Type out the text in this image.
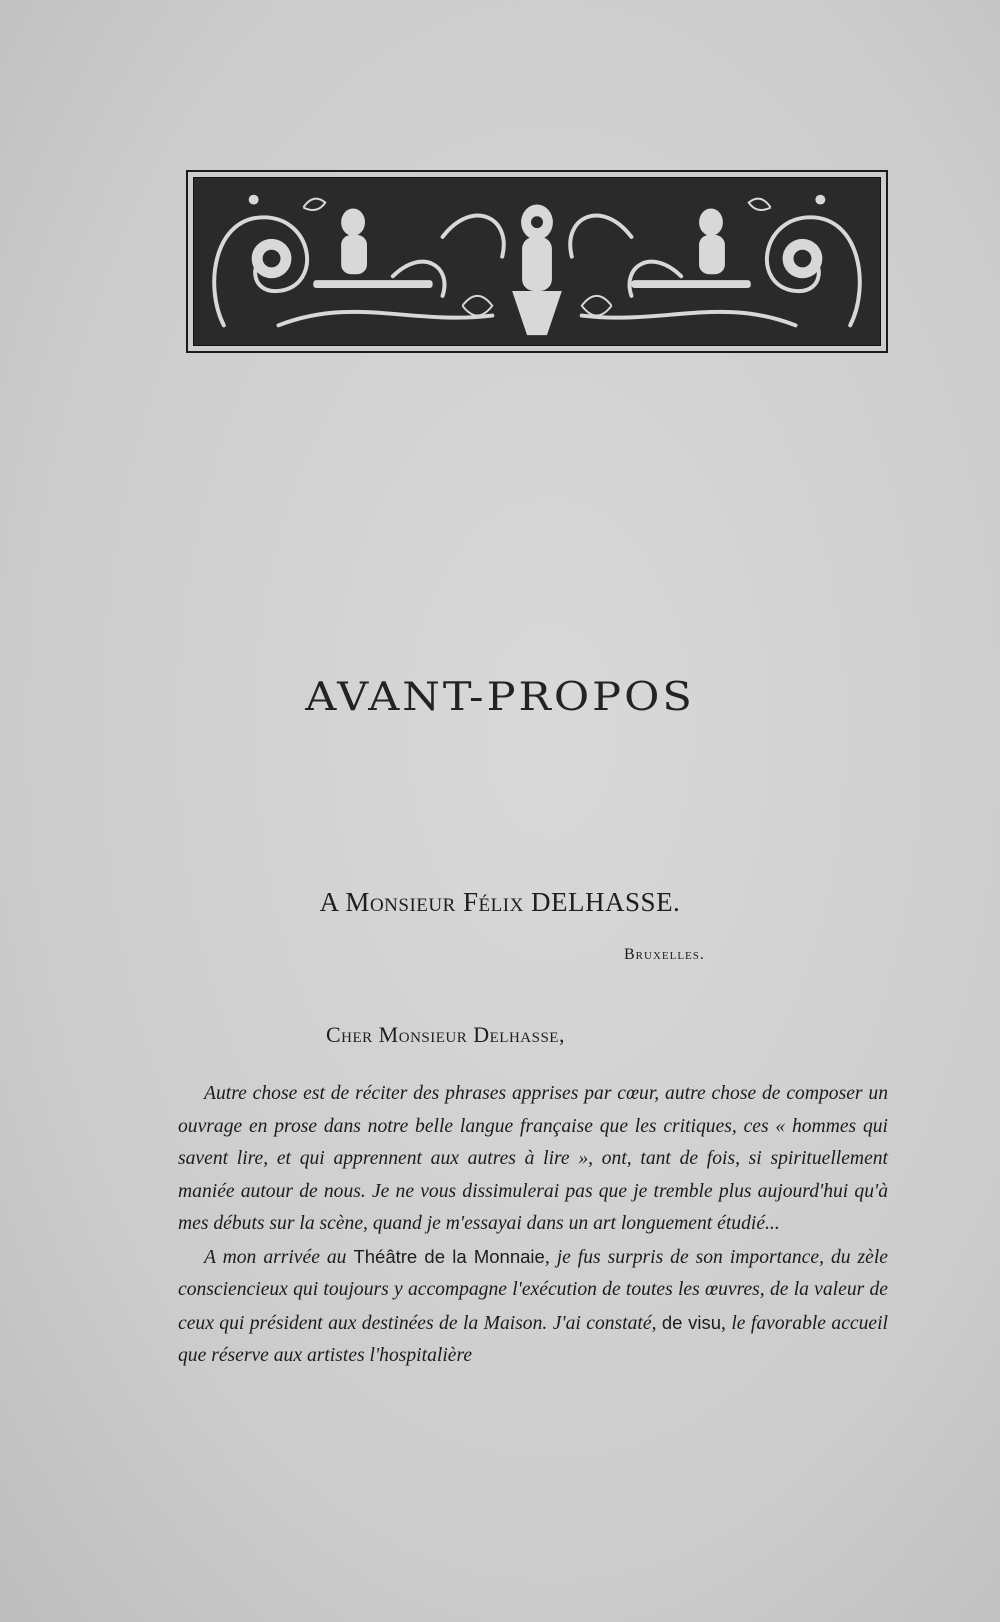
AVANT-PROPOS
A Monsieur Félix DELHASSE.
Bruxelles.
Cher Monsieur Delhasse,

Autre chose est de réciter des phrases apprises par cœur, autre chose de composer un ouvrage en prose dans notre belle langue française que les critiques, ces « hommes qui savent lire, et qui apprennent aux autres à lire », ont, tant de fois, si spirituellement maniée autour de nous. Je ne vous dissimulerai pas que je tremble plus aujourd'hui qu'à mes débuts sur la scène, quand je m'essayai dans un art longuement étudié...

A mon arrivée au Théâtre de la Monnaie, je fus surpris de son importance, du zèle consciencieux qui toujours y accompagne l'exécution de toutes les œuvres, de la valeur de ceux qui président aux destinées de la Maison. J'ai constaté, de visu, le favorable accueil que réserve aux artistes l'hospitalière
